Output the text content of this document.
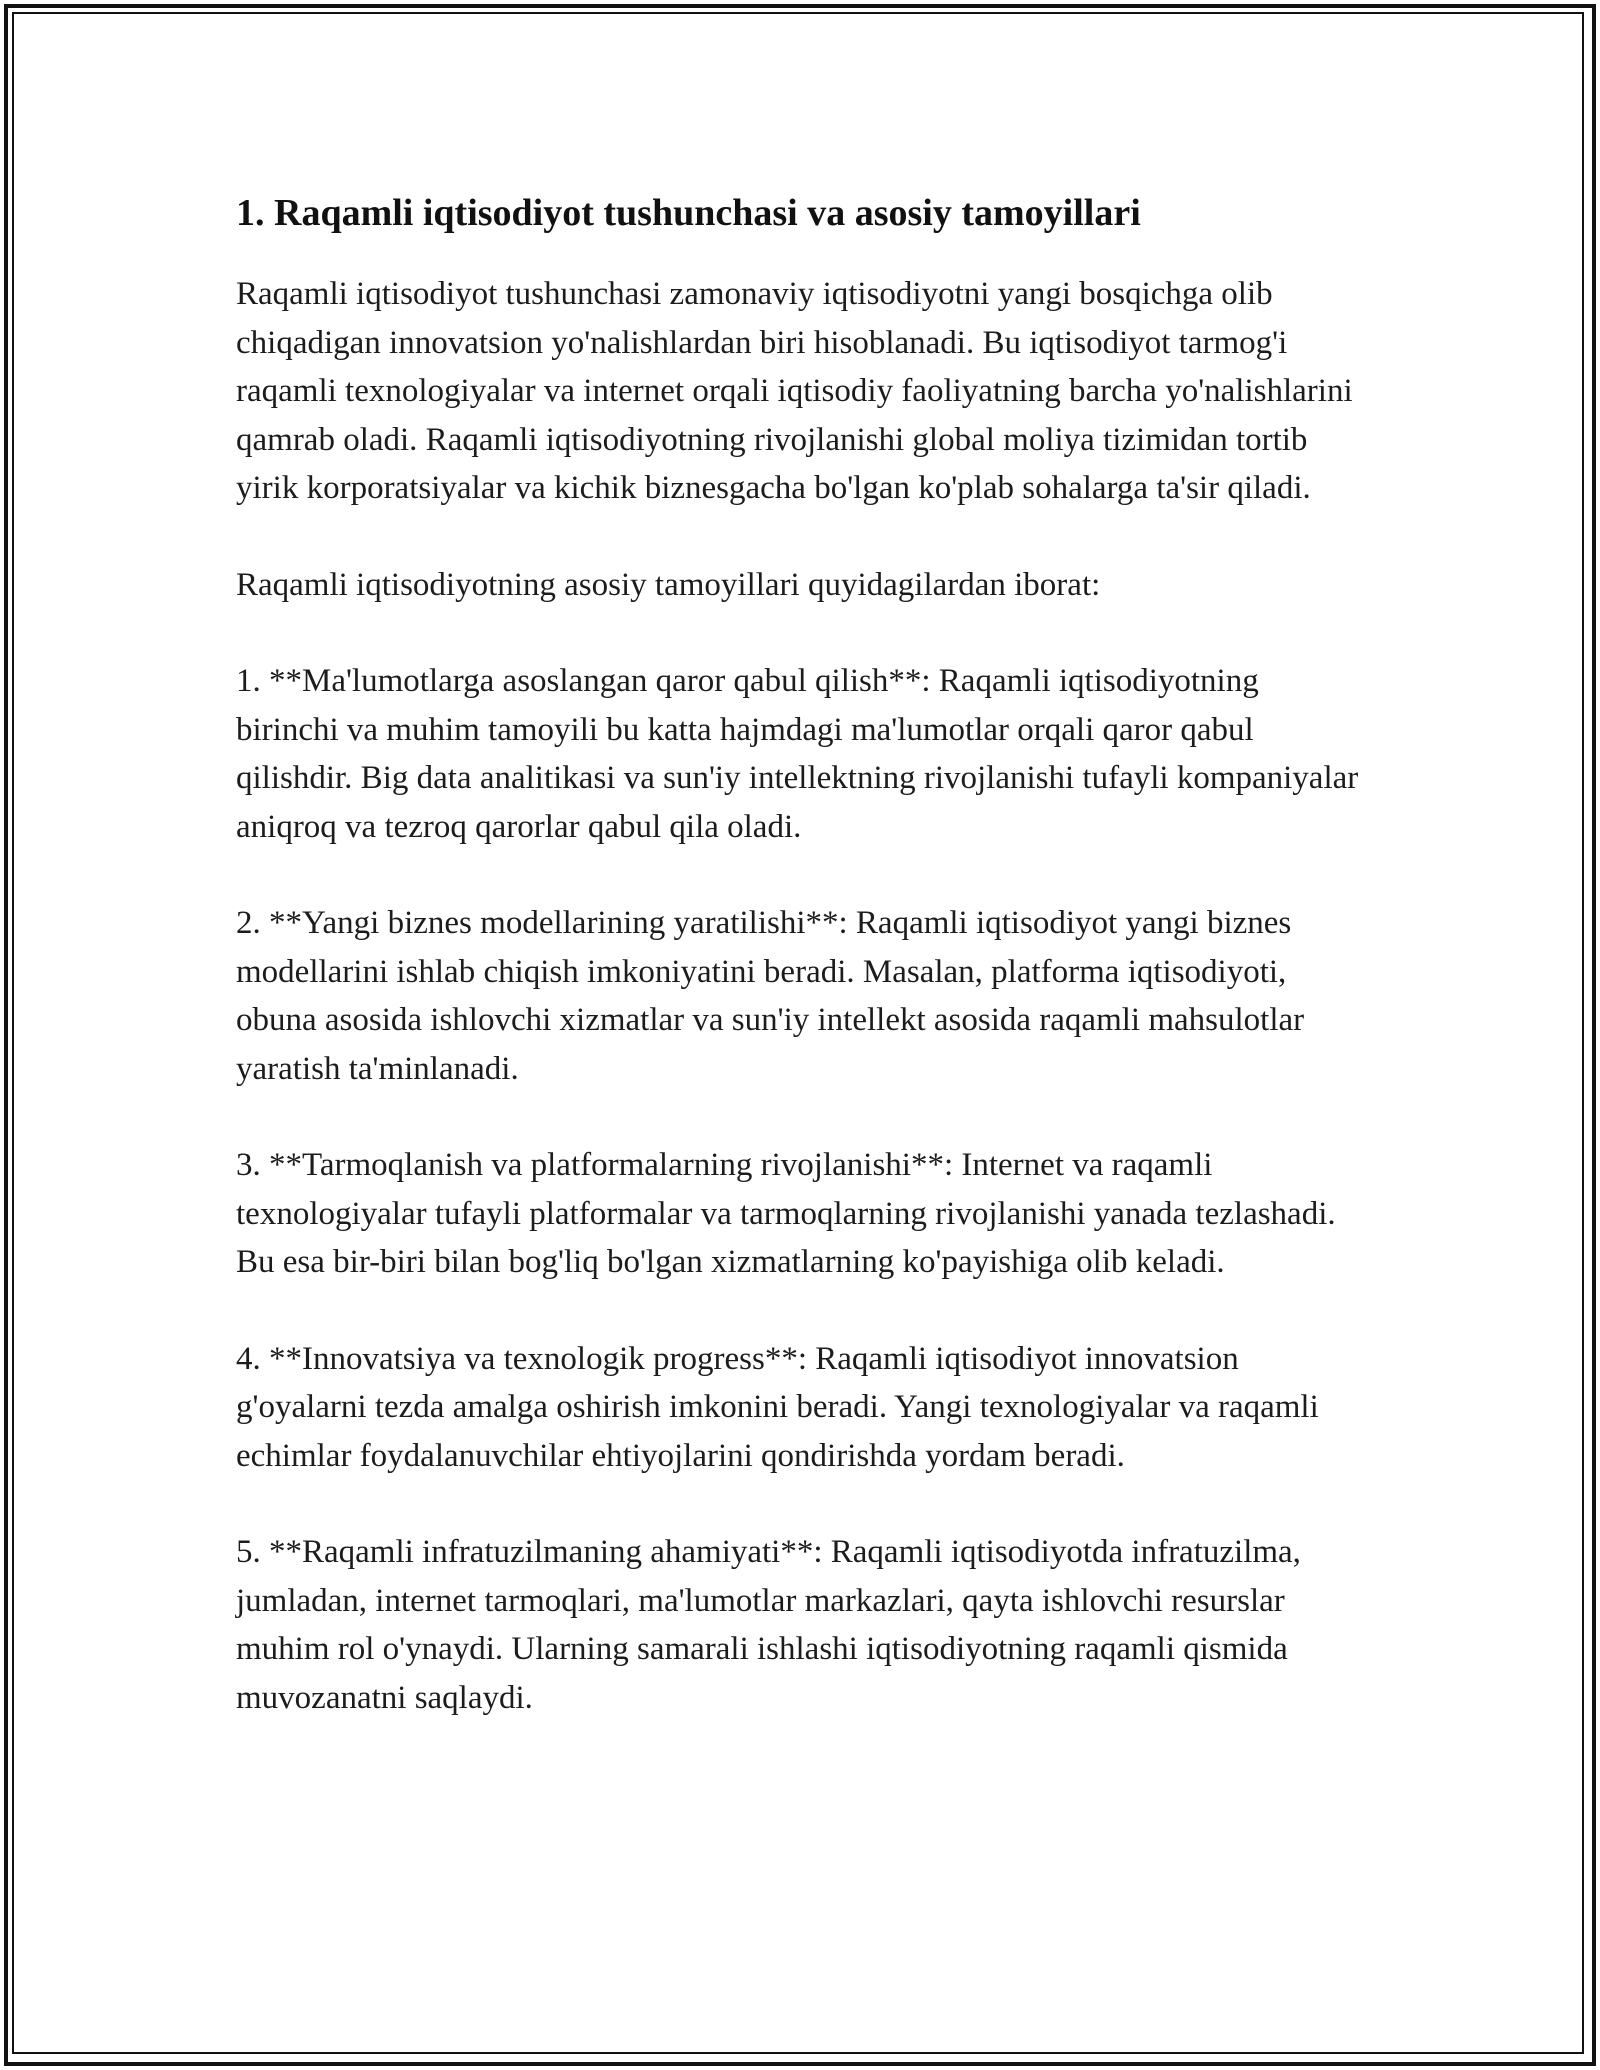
1. Raqamli iqtisodiyot tushunchasi va asosiy tamoyillari

Raqamli iqtisodiyot tushunchasi zamonaviy iqtisodiyotni yangi bosqichga olib chiqadigan innovatsion yo'nalishlardan biri hisoblanadi. Bu iqtisodiyot tarmog'i raqamli texnologiyalar va internet orqali iqtisodiy faoliyatning barcha yo'nalishlarini qamrab oladi. Raqamli iqtisodiyotning rivojlanishi global moliya tizimidan tortib yirik korporatsiyalar va kichik biznesgacha bo'lgan ko'plab sohalarga ta'sir qiladi.

Raqamli iqtisodiyotning asosiy tamoyillari quyidagilardan iborat:

1. **Ma'lumotlarga asoslangan qaror qabul qilish**: Raqamli iqtisodiyotning birinchi va muhim tamoyili bu katta hajmdagi ma'lumotlar orqali qaror qabul qilishdir. Big data analitikasi va sun'iy intellektning rivojlanishi tufayli kompaniyalar aniqroq va tezroq qarorlar qabul qila oladi.

2. **Yangi biznes modellarining yaratilishi**: Raqamli iqtisodiyot yangi biznes modellarini ishlab chiqish imkoniyatini beradi. Masalan, platforma iqtisodiyoti, obuna asosida ishlovchi xizmatlar va sun'iy intellekt asosida raqamli mahsulotlar yaratish ta'minlanadi.

3. **Tarmoqlanish va platformalarning rivojlanishi**: Internet va raqamli texnologiyalar tufayli platformalar va tarmoqlarning rivojlanishi yanada tezlashadi. Bu esa bir-biri bilan bog'liq bo'lgan xizmatlarning ko'payishiga olib keladi.

4. **Innovatsiya va texnologik progress**: Raqamli iqtisodiyot innovatsion g'oyalarni tezda amalga oshirish imkonini beradi. Yangi texnologiyalar va raqamli echimlar foydalanuvchilar ehtiyojlarini qondirishda yordam beradi.

5. **Raqamli infratuzilmaning ahamiyati**: Raqamli iqtisodiyotda infratuzilma, jumladan, internet tarmoqlari, ma'lumotlar markazlari, qayta ishlovchi resurslar muhim rol o'ynaydi. Ularning samarali ishlashi iqtisodiyotning raqamli qismida muvozanatni saqlaydi.
